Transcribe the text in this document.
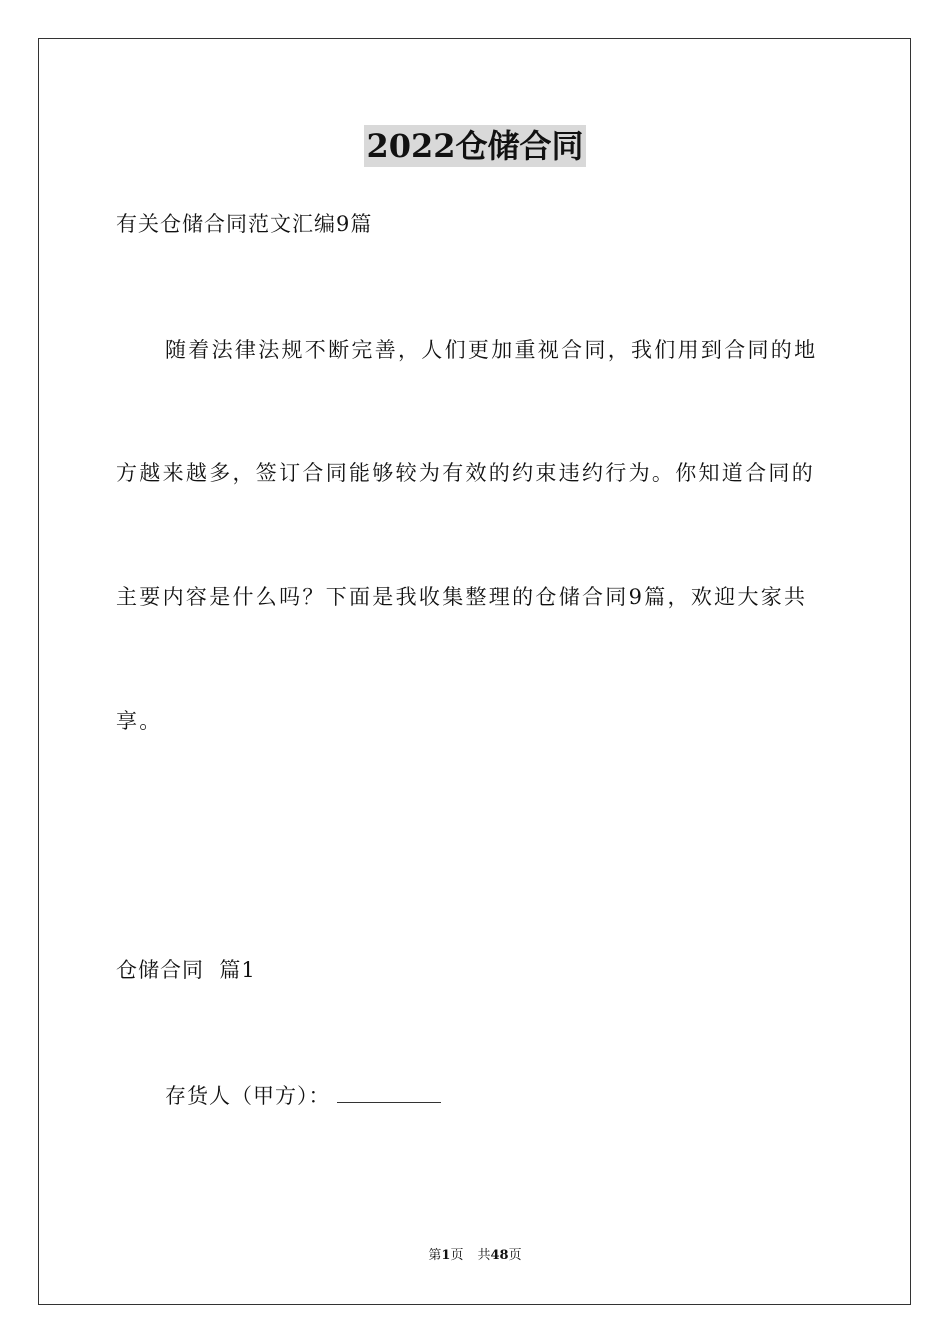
2022仓储合同
有关仓储合同范文汇编9篇
随着法律法规不断完善，人们更加重视合同，我们用到合同的地
方越来越多，签订合同能够较为有效的约束违约行为。你知道合同的
主要内容是什么吗？下面是我收集整理的仓储合同9篇，欢迎大家共
享。
仓储合同  篇1
存货人（甲方）：
第1页 共48页
